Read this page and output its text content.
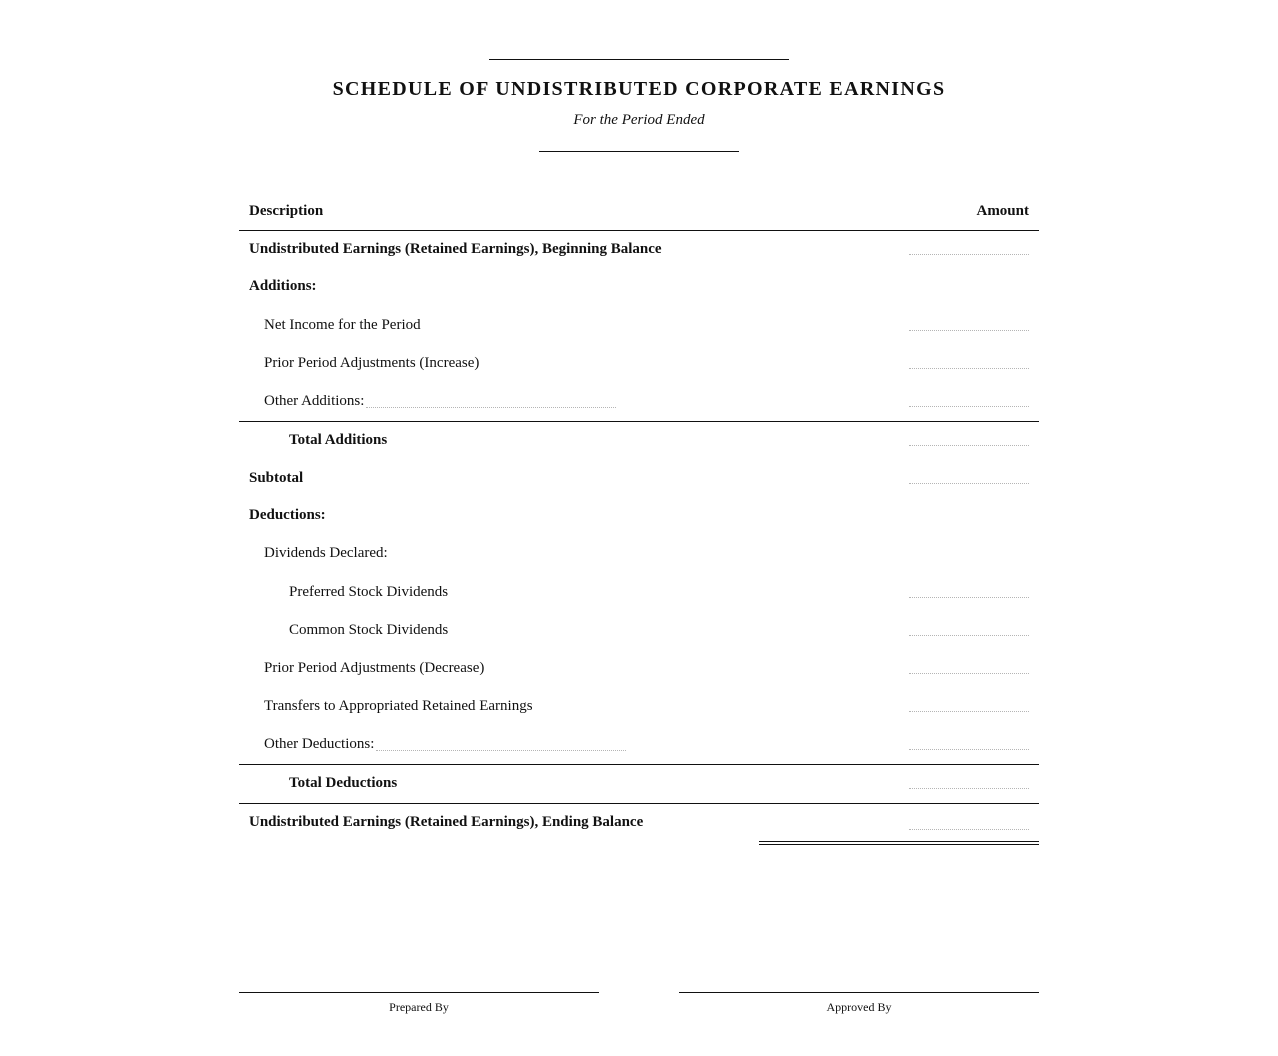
SCHEDULE OF UNDISTRIBUTED CORPORATE EARNINGS
For the Period Ended
Description	Amount
Undistributed Earnings (Retained Earnings), Beginning Balance
Additions:
Net Income for the Period
Prior Period Adjustments (Increase)
Other Additions:
Total Additions
Subtotal
Deductions:
Dividends Declared:
Preferred Stock Dividends
Common Stock Dividends
Prior Period Adjustments (Decrease)
Transfers to Appropriated Retained Earnings
Other Deductions:
Total Deductions
Undistributed Earnings (Retained Earnings), Ending Balance
Prepared By	Approved By
